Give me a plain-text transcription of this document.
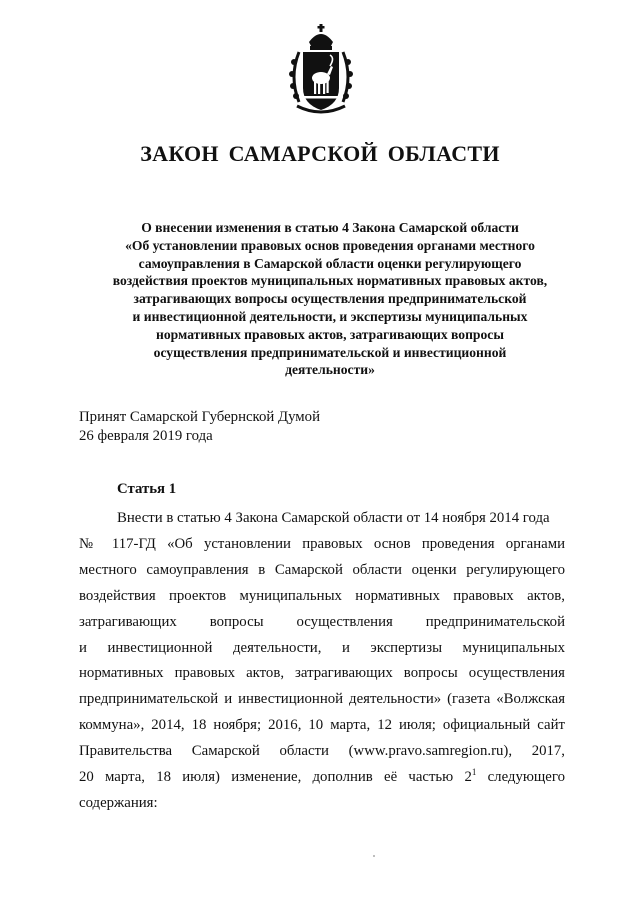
ЗАКОН САМАРСКОЙ ОБЛАСТИ
О внесении изменения в статью 4 Закона Самарской области
«Об установлении правовых основ проведения органами местного
самоуправления в Самарской области оценки регулирующего
воздействия проектов муниципальных нормативных правовых актов,
затрагивающих вопросы осуществления предпринимательской
и инвестиционной деятельности, и экспертизы муниципальных
нормативных правовых актов, затрагивающих вопросы
осуществления предпринимательской и инвестиционной
деятельности»
Принят Самарской Губернской Думой
26 февраля 2019 года
Статья 1
Внести в статью 4 Закона Самарской области от 14 ноября 2014 года
№ 117-ГД «Об установлении правовых основ проведения органами
местного самоуправления в Самарской области оценки регулирующего
воздействия проектов муниципальных нормативных правовых актов,
затрагивающих вопросы осуществления предпринимательской
и инвестиционной деятельности, и экспертизы муниципальных
нормативных правовых актов, затрагивающих вопросы осуществления
предпринимательской и инвестиционной деятельности» (газета «Волжская
коммуна», 2014, 18 ноября; 2016, 10 марта, 12 июля; официальный сайт
Правительства Самарской области (www.pravo.samregion.ru), 2017,
20 марта, 18 июля) изменение, дополнив её частью $2^1$ следующего
содержания:
